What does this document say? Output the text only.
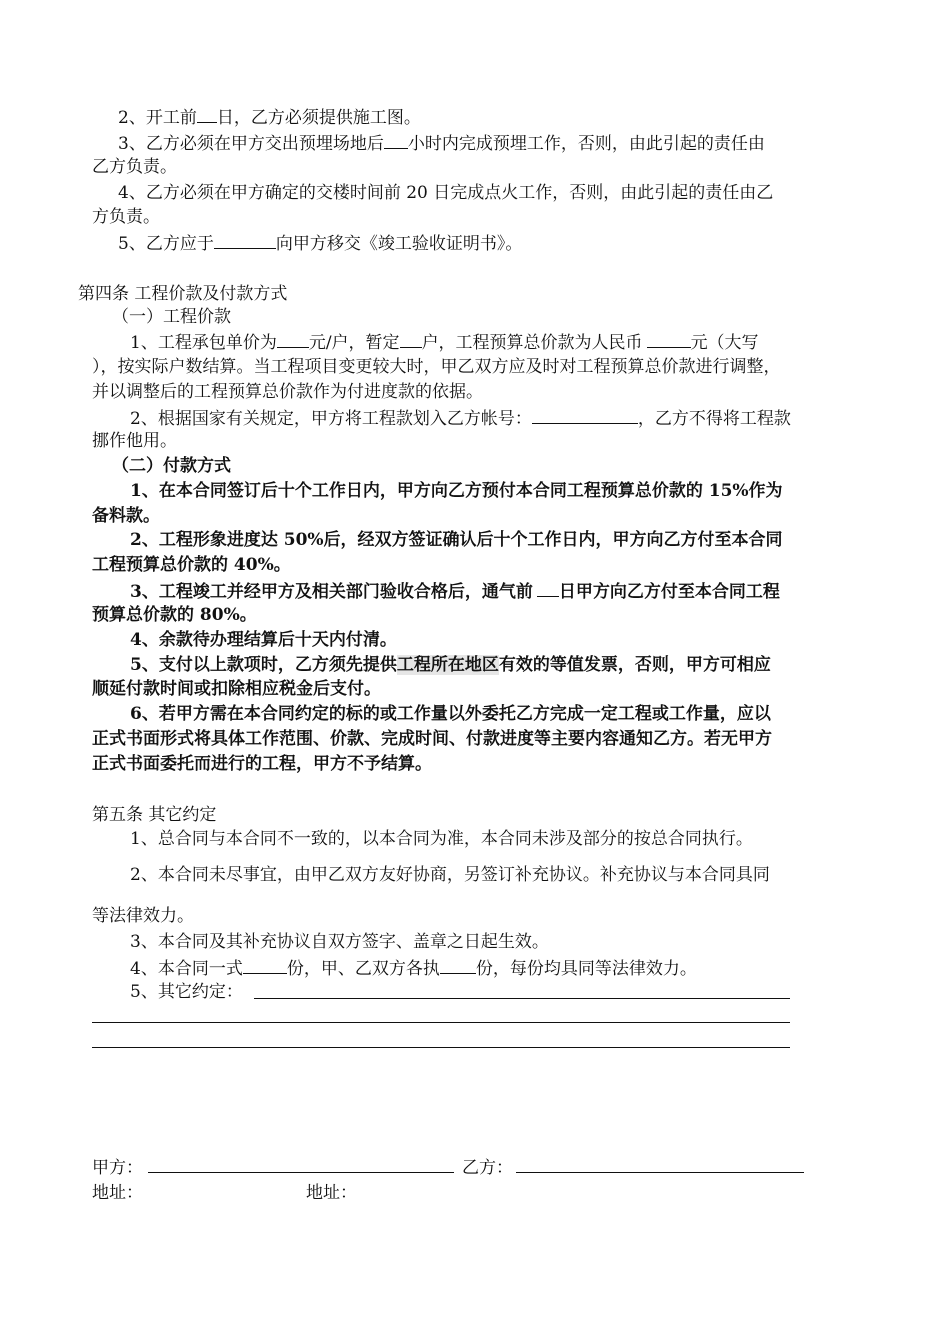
2、开工前 日，乙方必须提供施工图。
3、乙方必须在甲方交出预埋场地后 小时内完成预埋工作，否则，由此引起的责任由
乙方负责。
4、乙方必须在甲方确定的交楼时间前 20 日完成点火工作，否则，由此引起的责任由乙
方负责。
5、乙方应于	向甲方移交《竣工验收证明书》。
第四条 工程价款及付款方式
（一）工程价款
1、工程承包单价为 元/户，暂定 户，工程预算总价款为人民币	元（大写
），按实际户数结算。当工程项目变更较大时，甲乙双方应及时对工程预算总价款进行调整，
并以调整后的工程预算总价款作为付进度款的依据。
2、根据国家有关规定，甲方将工程款划入乙方帐号：	，乙方不得将工程款
挪作他用。
（二）付款方式
1、在本合同签订后十个工作日内，甲方向乙方预付本合同工程预算总价款的 15%作为
备料款。
2、工程形象进度达 50%后，经双方签证确认后十个工作日内，甲方向乙方付至本合同
工程预算总价款的 40%。
3、工程竣工并经甲方及相关部门验收合格后，通气前 日甲方向乙方付至本合同工程
预算总价款的 80%。
4、余款待办理结算后十天内付清。
5、支付以上款项时，乙方须先提供工程所在地区有效的等值发票，否则，甲方可相应
顺延付款时间或扣除相应税金后支付。
6、若甲方需在本合同约定的标的或工作量以外委托乙方完成一定工程或工作量，应以
正式书面形式将具体工作范围、价款、完成时间、付款进度等主要内容通知乙方。若无甲方
正式书面委托而进行的工程，甲方不予结算。
第五条 其它约定
1、总合同与本合同不一致的，以本合同为准，本合同未涉及部分的按总合同执行。
2、本合同未尽事宜，由甲乙双方友好协商，另签订补充协议。补充协议与本合同具同
等法律效力。
3、本合同及其补充协议自双方签字、盖章之日起生效。
4、本合同一式	份，甲、乙双方各执 份，每份均具同等法律效力。
5、其它约定：
甲方：	乙方：
地址：	地址：
